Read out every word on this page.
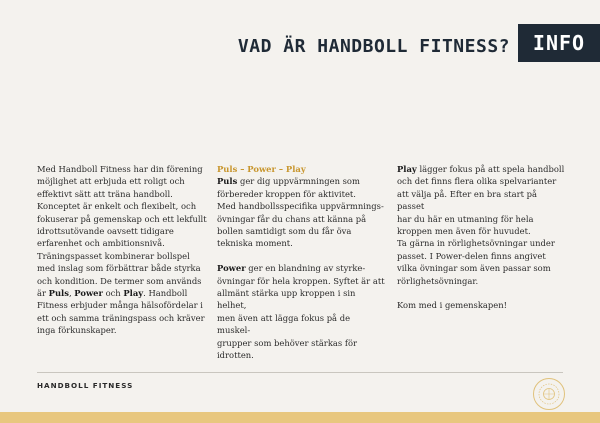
VAD ÄR HANDBOLL FITNESS?	INFO

Med Handboll Fitness har din förening

möjlighet att erbjuda ett roligt och

effektivt sätt att träna handboll.

Konceptet är enkelt och flexibelt, och

fokuserar på gemenskap och ett lekfullt

idrottsutövande oavsett tidigare

erfarenhet och ambitionsnivå.

Träningspasset kombinerar bollspel

med inslag som förbättrar både styrka

och kondition. De termer som används

är Puls, Power och Play. Handboll

Fitness erbjuder många hälsofördelar i

ett och samma träningspass och kräver

inga förkunskaper.

Puls – Power – Play

Puls ger dig uppvärmningen som

förbereder kroppen för aktivitet.

Med handbollsspecifika uppvärmnings-

övningar får du chans att känna på

bollen samtidigt som du får öva

tekniska moment.

Power ger en blandning av styrke-

övningar för hela kroppen. Syftet är att

allmänt stärka upp kroppen i sin helhet,

men även att lägga fokus på de muskel-

grupper som behöver stärkas för

idrotten.

Play lägger fokus på att spela handboll

och det finns flera olika spelvarianter

att välja på. Efter en bra start på passet

har du här en utmaning för hela

kroppen men även för huvudet.

Ta gärna in rörlighetsövningar under

passet. I Power-delen finns angivet

vilka övningar som även passar som

rörlighetsövningar.

Kom med i gemenskapen!

HANDBOLL FITNESS
